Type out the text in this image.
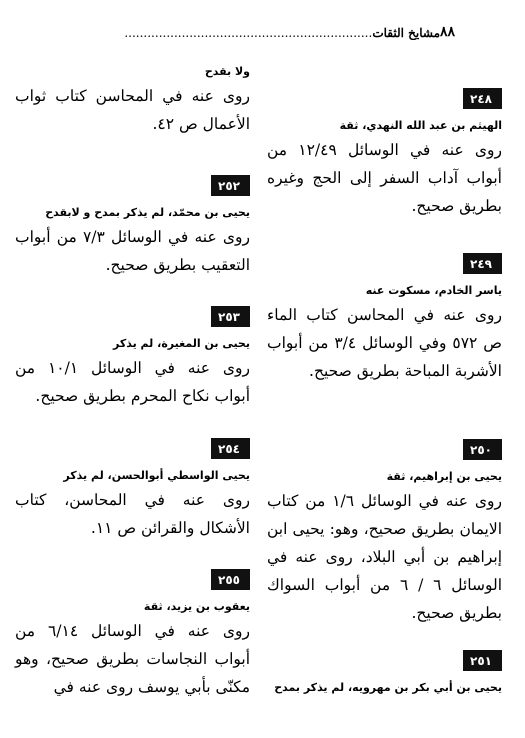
٨٨
مشايخ الثقات.................................................................
٢٤٨
الهيثم بن عبد الله النهدي، ثقة
روى عنه في الوسائل ١٢/٤٩ من أبواب آداب السفر إلى الحج وغيره بطريق صحيح.
٢٤٩
ياسر الخادم، مسكوت عنه
روى عنه في المحاسن كتاب الماء ص ٥٧٢ وفي الوسائل ٣/٤ من أبواب الأشربة المباحة بطريق صحيح.
٢٥٠
يحيى بن إبراهيم، ثقة
روى عنه في الوسائل ١/٦ من كتاب الايمان بطريق صحيح، وهو: يحيى ابن إبراهيم بن أبي البلاد، روى عنه في الوسائل ٦ / ٦ من أبواب السواك بطريق صحيح.
٢٥١
يحيى بن أبي بكر بن مهرويه، لم يذكر بمدح
ولا بقدح
روى عنه في المحاسن كتاب ثواب الأعمال ص ٤٢.
٢٥٢
يحيى بن محمّد، لم يذكر بمدح و لابقدح
روى عنه في الوسائل ٧/٣ من أبواب التعقيب بطريق صحيح.
٢٥٣
يحيى بن المغيرة، لم يذكر
روى عنه في الوسائل ١٠/١ من أبواب نكاح المحرم بطريق صحيح.
٢٥٤
يحيى الواسطي أبوالحسن، لم يذكر
روى عنه في المحاسن، كتاب الأشكال والقرائن ص ١١.
٢٥٥
يعقوب بن يزيد، ثقة
روى عنه في الوسائل ٦/١٤ من أبواب النجاسات بطريق صحيح، وهو مكنّى بأبي يوسف روى عنه في
